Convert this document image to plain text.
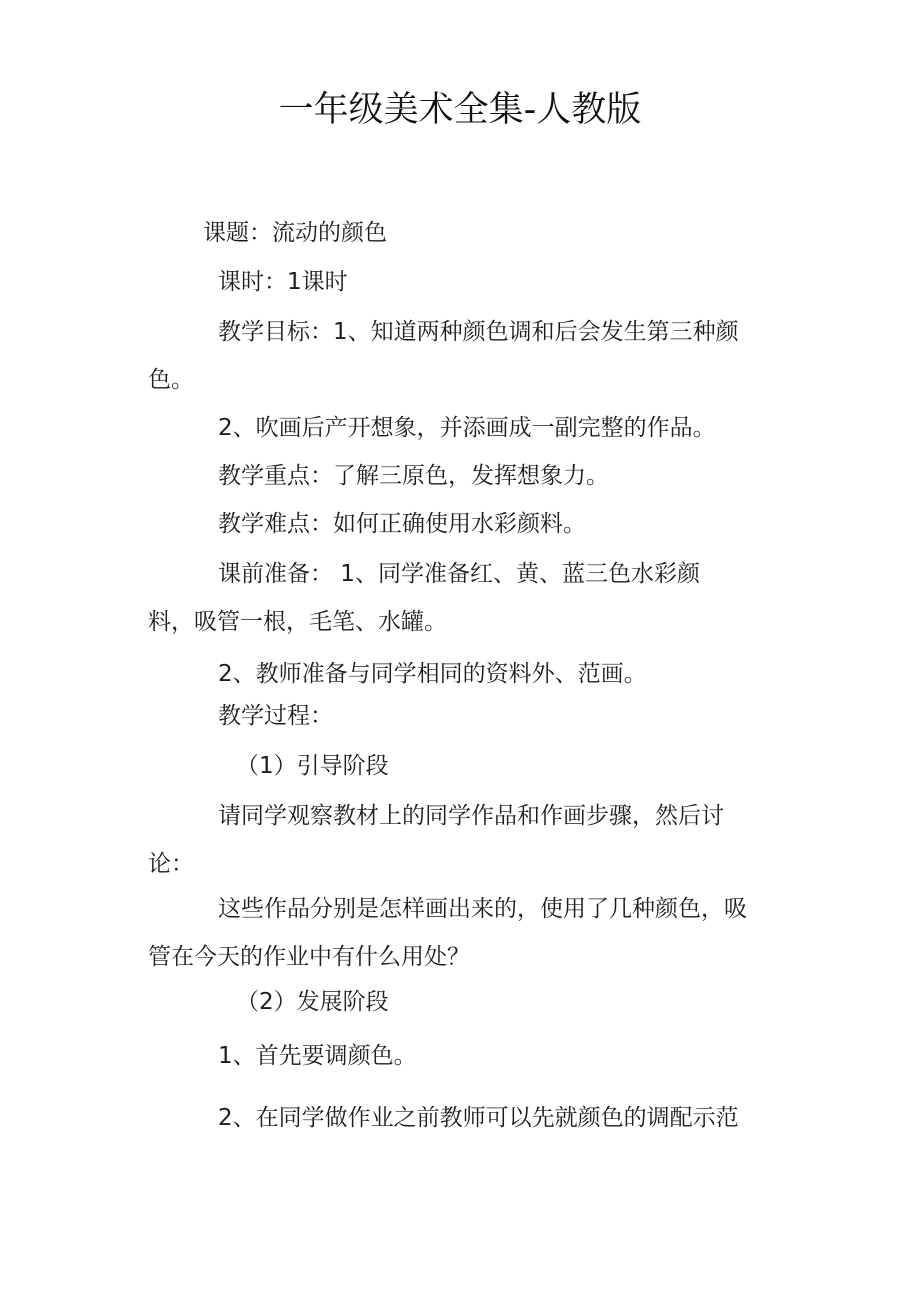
一年级美术全集-人教版

课题：流动的颜色

课时：1课时

教学目标：1、知道两种颜色调和后会发生第三种颜

色。

2、吹画后产开想象，并添画成一副完整的作品。

教学重点：了解三原色，发挥想象力。

教学难点：如何正确使用水彩颜料。

课前准备： 1、同学准备红、黄、蓝三色水彩颜

料，吸管一根，毛笔、水罐。

2、教师准备与同学相同的资料外、范画。

教学过程：

（1）引导阶段

请同学观察教材上的同学作品和作画步骤，然后讨

论：

这些作品分别是怎样画出来的，使用了几种颜色，吸

管在今天的作业中有什么用处？

（2）发展阶段

1、首先要调颜色。

2、在同学做作业之前教师可以先就颜色的调配示范
